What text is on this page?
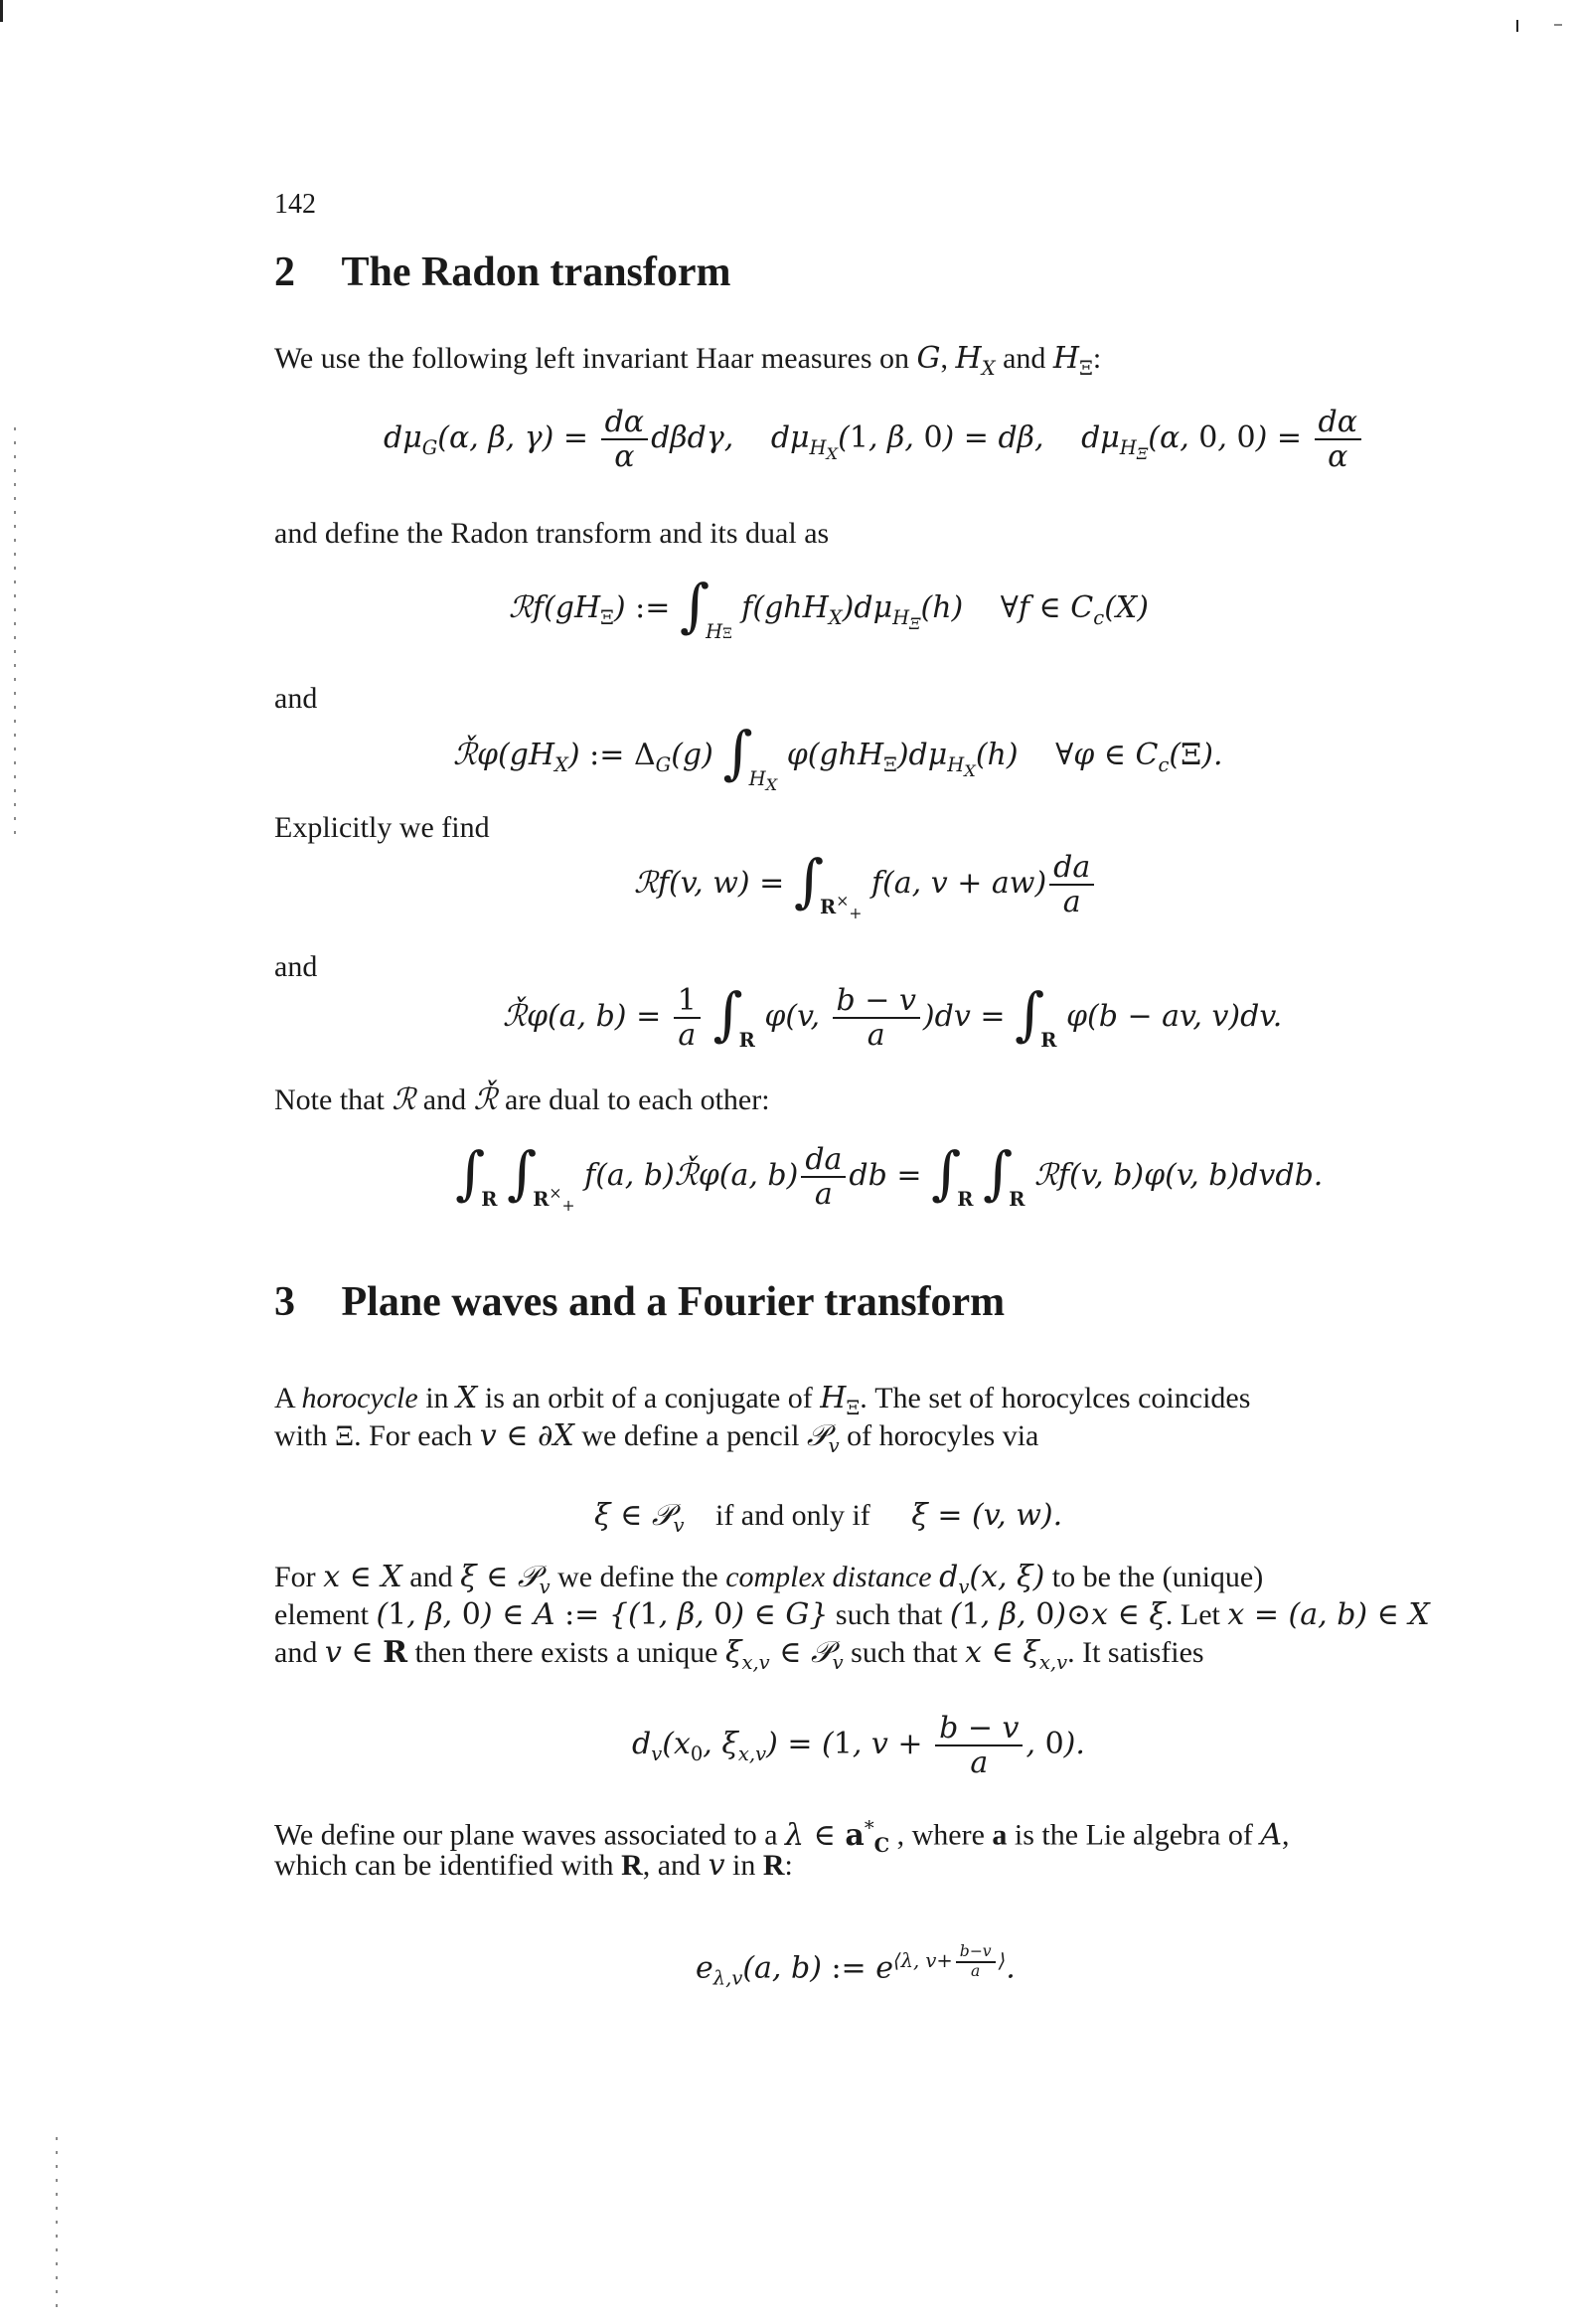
142
2 The Radon transform
We use the following left invariant Haar measures on G, $H_X$ and $H_\Xi$:
$d\mu_G(\alpha$, β, $\gamma) = \frac{d\alpha}{\alpha} d\beta d\gamma$, $d\mu_{H_X}(1$, β, 0) = dβ, $d\mu_{H_\Xi}(\alpha$, 0, $0) = \frac{d\alpha}{\alpha}$
and define the Radon transform and its dual as
$ℛf(gH_\Xi)$ := $\int_{H\Xi}$ $f(ghH_X)d\mu_{H_\Xi}(h)$ ∀f ∈ $C_c(X)$
and
$ℛ̌\varphi(gH_X)$ := $\Delta_G(g)$ $\int_{H_X}$ $\varphi(ghH_\Xi)d\mu_{H_X}(h)$ ∀φ ∈ $C_c(\Xi)$.
Explicitly we find
ℛf(v, $w) = \int_{R^\times_+}$ f(a, $v + aw) \frac{da}{a}$
and
ℛ̌φ(a, $b) = \frac{1}{a} \int_R$ φ(v, $\frac{b - v}{a} )dv = \int_R$ φ(b − av, v)dv.
Note that ℛ and ℛ̌ are dual to each other:
$\int_R$ $\int_{R^\times_+}$ f(a, b)ℛ̌φ(a, $b) \frac{da}{a}$ db = $\int_R$ $\int_R$ ℛf(v, b)φ(v, b)dvdb.
3 Plane waves and a Fourier transform
A horocycle in X is an orbit of a conjugate of $H_\Xi$. The set of horocylces coincides
with Ξ. For each v ∈ ∂X we define a pencil 𝒫$_v$ of horocyles via
ξ ∈ 𝒫$_v$ if and only if ξ = (v, w).
For x ∈ X and ξ ∈ 𝒫$_v$ we define the complex distance $d_v(x$, ξ) to be the (unique)
element (1, β, 0) ∈ A := {(1, β, 0) ∈ G} such that (1, β, 0)⊙x ∈ ξ. Let x = (a, b) ∈ X
and v ∈ R then there exists a unique $\xi_{x,v}$ ∈ 𝒫$_v$ such that x ∈ $\xi_{x,v}$. It satisfies
$d_v(x_0$, $\xi_{x,v}) = (1$, $v + \frac{b - v}{a}$ , 0).
We define our plane waves associated to a λ ∈ $a^*_C$ , where a is the Lie algebra of A,
which can be identified with R, and v in R:
$e_{\lambda,v}(a$, b) := $e^{⟨\lambda, v+ \frac{b-v}{a} ⟩}$.
